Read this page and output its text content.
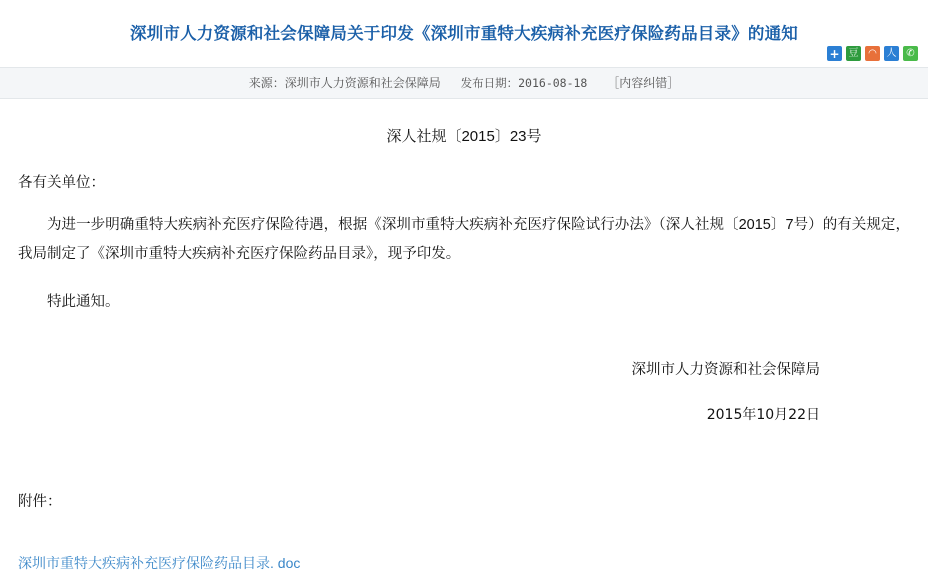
深圳市人力资源和社会保障局关于印发《深圳市重特大疾病补充医疗保险药品目录》的通知
+ 豆 ◠ 人 ✆
来源：深圳市人力资源和社会保障局 发布日期：2016-08-18 ［内容纠错］
深人社规〔2015〕23号
各有关单位：

为进一步明确重特大疾病补充医疗保险待遇，根据《深圳市重特大疾病补充医疗保险试行办法》（深人社规〔2015〕7号）的有关规定，我局制定了《深圳市重特大疾病补充医疗保险药品目录》，现予印发。

特此通知。

深圳市人力资源和社会保障局
2015年10月22日
附件：
深圳市重特大疾病补充医疗保险药品目录. doc
